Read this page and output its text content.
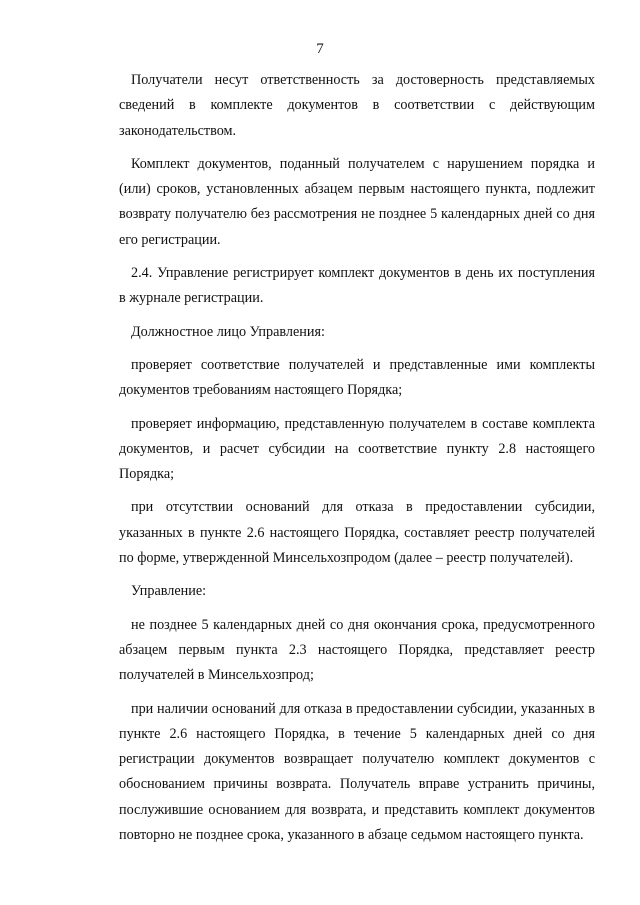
7

Получатели несут ответственность за достоверность представляемых сведений в комплекте документов в соответствии с действующим законодательством.

Комплект документов, поданный получателем с нарушением порядка и (или) сроков, установленных абзацем первым настоящего пункта, подлежит возврату получателю без рассмотрения не позднее 5 календарных дней со дня его регистрации.

2.4. Управление регистрирует комплект документов в день их поступления в журнале регистрации.

Должностное лицо Управления:

проверяет соответствие получателей и представленные ими комплекты документов требованиям настоящего Порядка;

проверяет информацию, представленную получателем в составе комплекта документов, и расчет субсидии на соответствие пункту 2.8 настоящего Порядка;

при отсутствии оснований для отказа в предоставлении субсидии, указанных в пункте 2.6 настоящего Порядка, составляет реестр получателей по форме, утвержденной Минсельхозпродом (далее – реестр получателей).

Управление:

не позднее 5 календарных дней со дня окончания срока, предусмотренного абзацем первым пункта 2.3 настоящего Порядка, представляет реестр получателей в Минсельхозпрод;

при наличии оснований для отказа в предоставлении субсидии, указанных в пункте 2.6 настоящего Порядка, в течение 5 календарных дней со дня регистрации документов возвращает получателю комплект документов с обоснованием причины возврата. Получатель вправе устранить причины, послужившие основанием для возврата, и представить комплект документов повторно не позднее срока, указанного в абзаце седьмом настоящего пункта.
